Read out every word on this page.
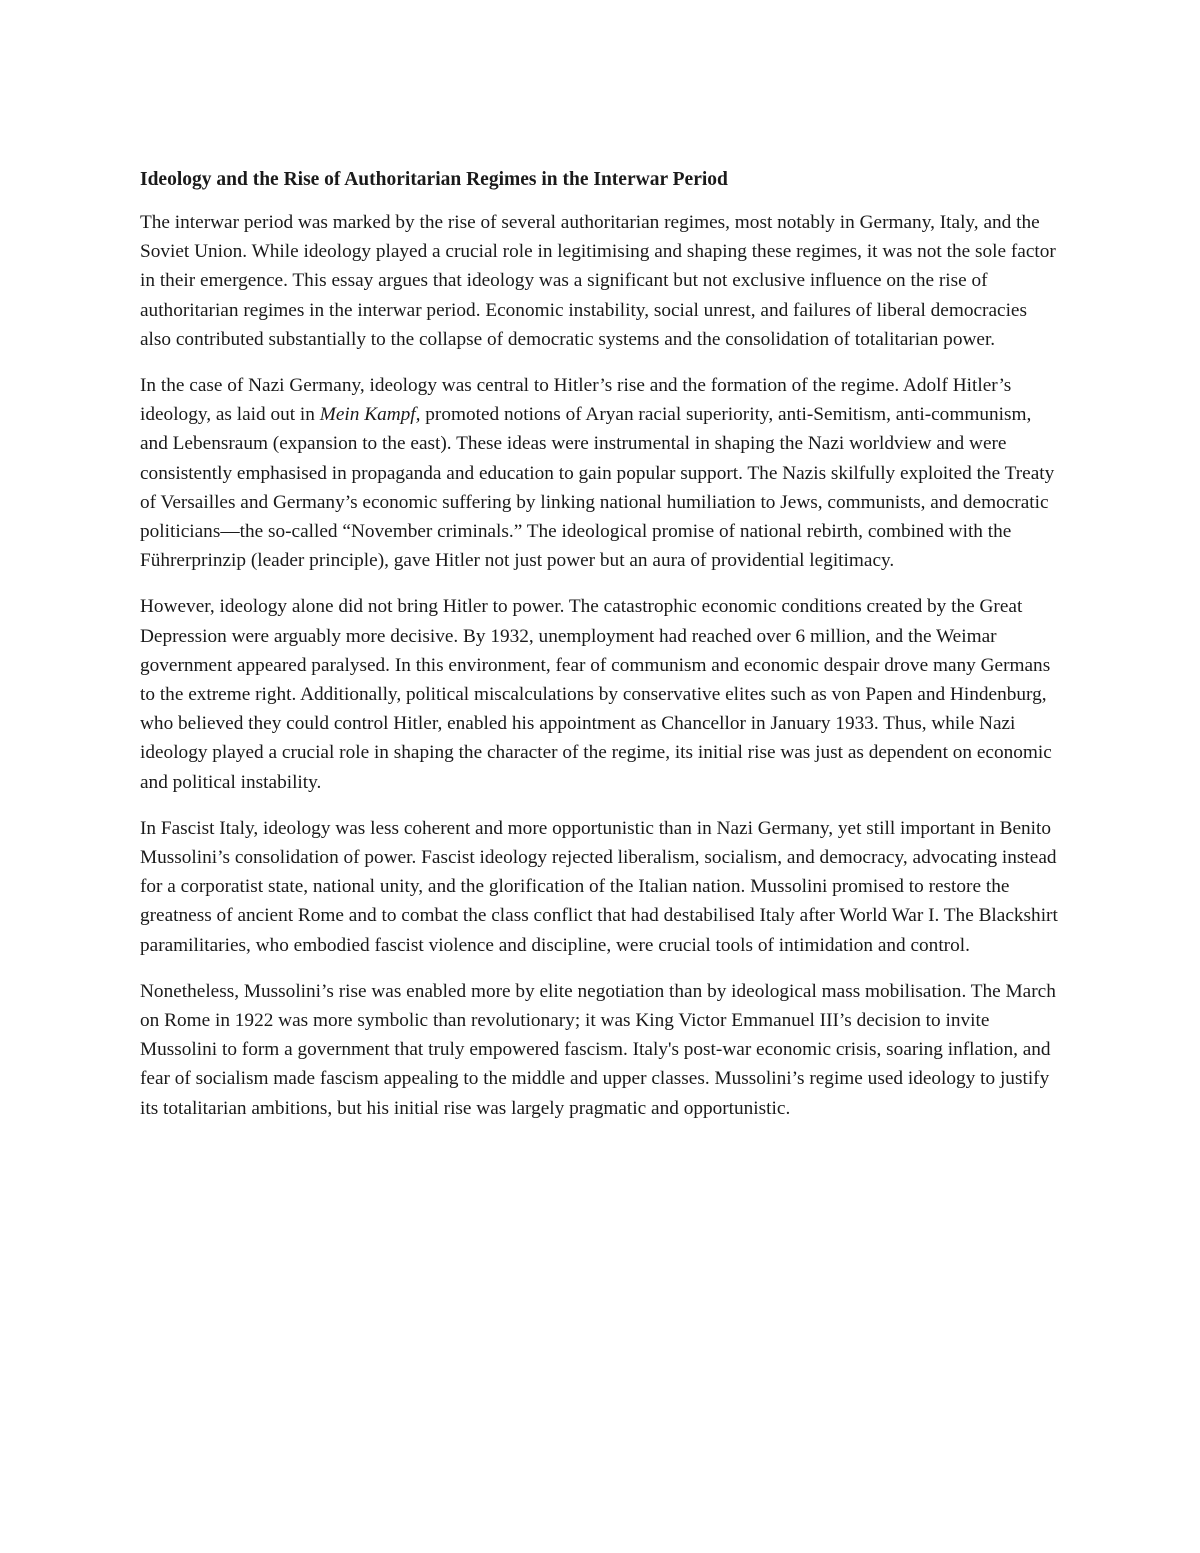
Ideology and the Rise of Authoritarian Regimes in the Interwar Period

The interwar period was marked by the rise of several authoritarian regimes, most notably in Germany, Italy, and the Soviet Union. While ideology played a crucial role in legitimising and shaping these regimes, it was not the sole factor in their emergence. This essay argues that ideology was a significant but not exclusive influence on the rise of authoritarian regimes in the interwar period. Economic instability, social unrest, and failures of liberal democracies also contributed substantially to the collapse of democratic systems and the consolidation of totalitarian power.

In the case of Nazi Germany, ideology was central to Hitler’s rise and the formation of the regime. Adolf Hitler’s ideology, as laid out in Mein Kampf, promoted notions of Aryan racial superiority, anti-Semitism, anti-communism, and Lebensraum (expansion to the east). These ideas were instrumental in shaping the Nazi worldview and were consistently emphasised in propaganda and education to gain popular support. The Nazis skilfully exploited the Treaty of Versailles and Germany’s economic suffering by linking national humiliation to Jews, communists, and democratic politicians—the so-called “November criminals.” The ideological promise of national rebirth, combined with the Führerprinzip (leader principle), gave Hitler not just power but an aura of providential legitimacy.

However, ideology alone did not bring Hitler to power. The catastrophic economic conditions created by the Great Depression were arguably more decisive. By 1932, unemployment had reached over 6 million, and the Weimar government appeared paralysed. In this environment, fear of communism and economic despair drove many Germans to the extreme right. Additionally, political miscalculations by conservative elites such as von Papen and Hindenburg, who believed they could control Hitler, enabled his appointment as Chancellor in January 1933. Thus, while Nazi ideology played a crucial role in shaping the character of the regime, its initial rise was just as dependent on economic and political instability.

In Fascist Italy, ideology was less coherent and more opportunistic than in Nazi Germany, yet still important in Benito Mussolini’s consolidation of power. Fascist ideology rejected liberalism, socialism, and democracy, advocating instead for a corporatist state, national unity, and the glorification of the Italian nation. Mussolini promised to restore the greatness of ancient Rome and to combat the class conflict that had destabilised Italy after World War I. The Blackshirt paramilitaries, who embodied fascist violence and discipline, were crucial tools of intimidation and control.

Nonetheless, Mussolini’s rise was enabled more by elite negotiation than by ideological mass mobilisation. The March on Rome in 1922 was more symbolic than revolutionary; it was King Victor Emmanuel III’s decision to invite Mussolini to form a government that truly empowered fascism. Italy's post-war economic crisis, soaring inflation, and fear of socialism made fascism appealing to the middle and upper classes. Mussolini’s regime used ideology to justify its totalitarian ambitions, but his initial rise was largely pragmatic and opportunistic.
